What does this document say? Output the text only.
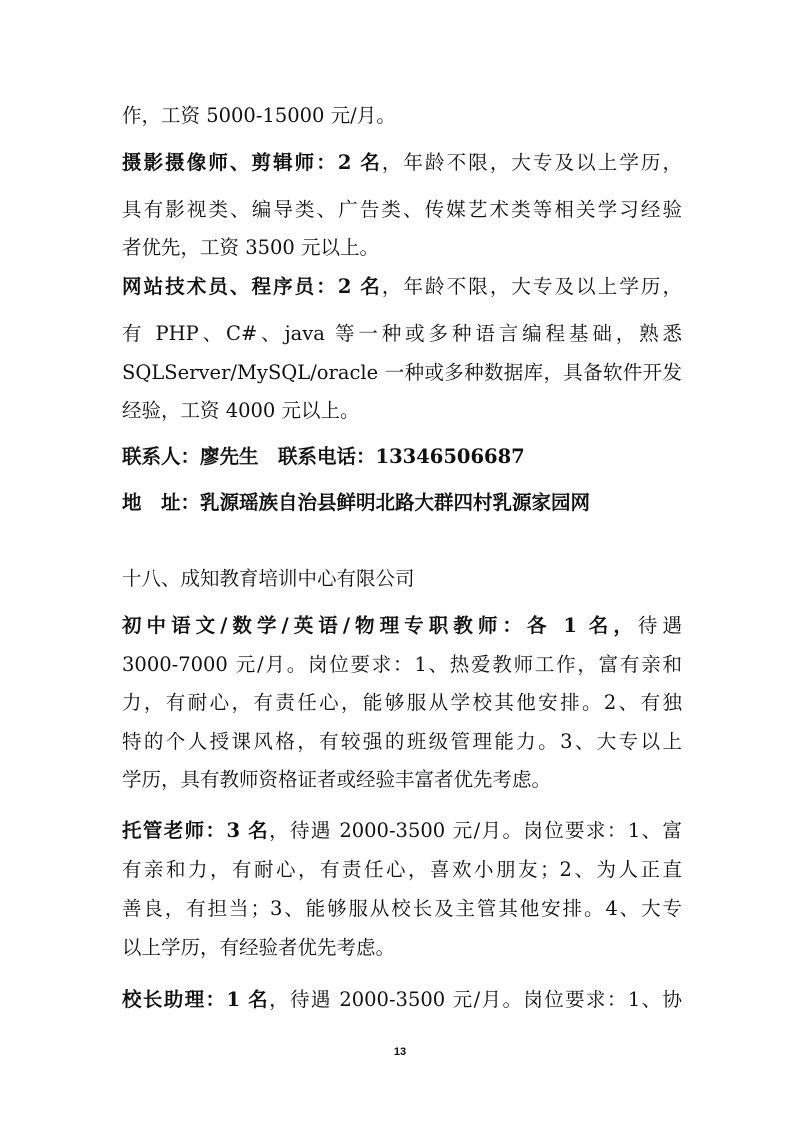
作，工资 5000-15000 元/月。
摄影摄像师、剪辑师：2 名，年龄不限，大专及以上学历，
具有影视类、编导类、广告类、传媒艺术类等相关学习经验
者优先，工资 3500 元以上。
网站技术员、程序员：2 名，年龄不限，大专及以上学历，
有 PHP、C#、java 等一种或多种语言编程基础，熟悉
SQLServer/MySQL/oracle 一种或多种数据库，具备软件开发
经验，工资 4000 元以上。
联系人：廖先生　联系电话：13346506687
地　址：乳源瑶族自治县鲜明北路大群四村乳源家园网
十八、成知教育培训中心有限公司
初中语文/数学/英语/物理专职教师：各 1 名，待遇
3000-7000 元/月。岗位要求：1、热爱教师工作，富有亲和
力，有耐心，有责任心，能够服从学校其他安排。2、有独
特的个人授课风格，有较强的班级管理能力。3、大专以上
学历，具有教师资格证者或经验丰富者优先考虑。
托管老师：3 名，待遇 2000-3500 元/月。岗位要求：1、富
有亲和力，有耐心，有责任心，喜欢小朋友；2、为人正直
善良，有担当；3、能够服从校长及主管其他安排。4、大专
以上学历，有经验者优先考虑。
校长助理：1 名，待遇 2000-3500 元/月。岗位要求：1、协
13
